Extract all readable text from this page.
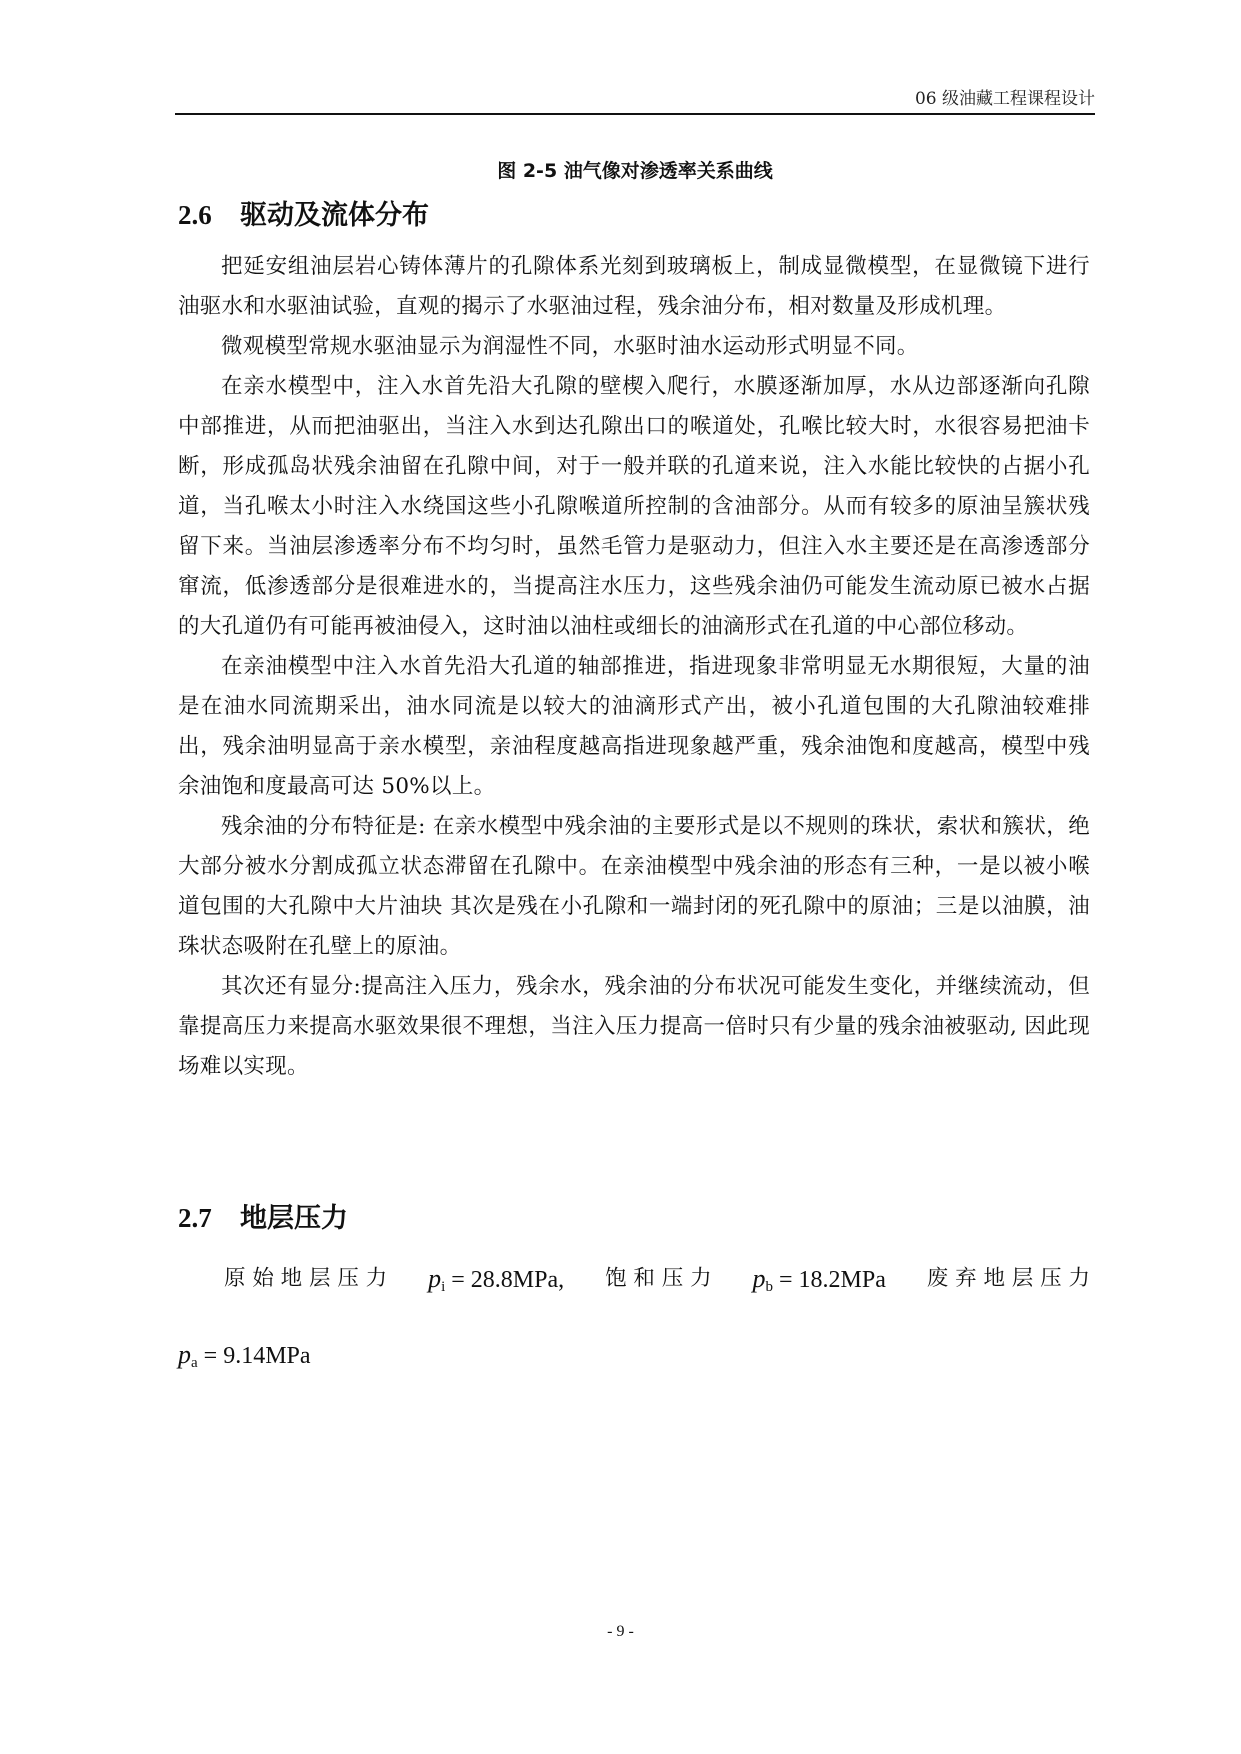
06 级油藏工程课程设计
图 2-5 油气像对渗透率关系曲线
2.6 驱动及流体分布

把延安组油层岩心铸体薄片的孔隙体系光刻到玻璃板上，制成显微模型，在显微镜下进行油驱水和水驱油试验，直观的揭示了水驱油过程，残余油分布，相对数量及形成机理。

微观模型常规水驱油显示为润湿性不同，水驱时油水运动形式明显不同。

在亲水模型中，注入水首先沿大孔隙的壁楔入爬行，水膜逐渐加厚，水从边部逐渐向孔隙中部推进，从而把油驱出，当注入水到达孔隙出口的喉道处，孔喉比较大时，水很容易把油卡断，形成孤岛状残余油留在孔隙中间，对于一般并联的孔道来说，注入水能比较快的占据小孔道，当孔喉太小时注入水绕国这些小孔隙喉道所控制的含油部分。从而有较多的原油呈簇状残留下来。当油层渗透率分布不均匀时，虽然毛管力是驱动力，但注入水主要还是在高渗透部分窜流，低渗透部分是很难进水的，当提高注水压力，这些残余油仍可能发生流动原已被水占据的大孔道仍有可能再被油侵入，这时油以油柱或细长的油滴形式在孔道的中心部位移动。

在亲油模型中注入水首先沿大孔道的轴部推进，指进现象非常明显无水期很短，大量的油是在油水同流期采出，油水同流是以较大的油滴形式产出，被小孔道包围的大孔隙油较难排出，残余油明显高于亲水模型，亲油程度越高指进现象越严重，残余油饱和度越高，模型中残余油饱和度最高可达 50%以上。

残余油的分布特征是: 在亲水模型中残余油的主要形式是以不规则的珠状，索状和簇状，绝大部分被水分割成孤立状态滞留在孔隙中。在亲油模型中残余油的形态有三种，一是以被小喉道包围的大孔隙中大片油块 其次是残在小孔隙和一端封闭的死孔隙中的原油；三是以油膜，油珠状态吸附在孔壁上的原油。

其次还有显分:提高注入压力，残余水，残余油的分布状况可能发生变化，并继续流动，但靠提高压力来提高水驱效果很不理想，当注入压力提高一倍时只有少量的残余油被驱动, 因此现场难以实现。

2.7 地层压力
原 始 地 层 压 力 $p_i = 28.8MPa$, 饱 和 压 力 $p_b = 18.2MPa$ 废 弃 地 层 压 力
$p_a = 9.14MPa$
- 9 -
